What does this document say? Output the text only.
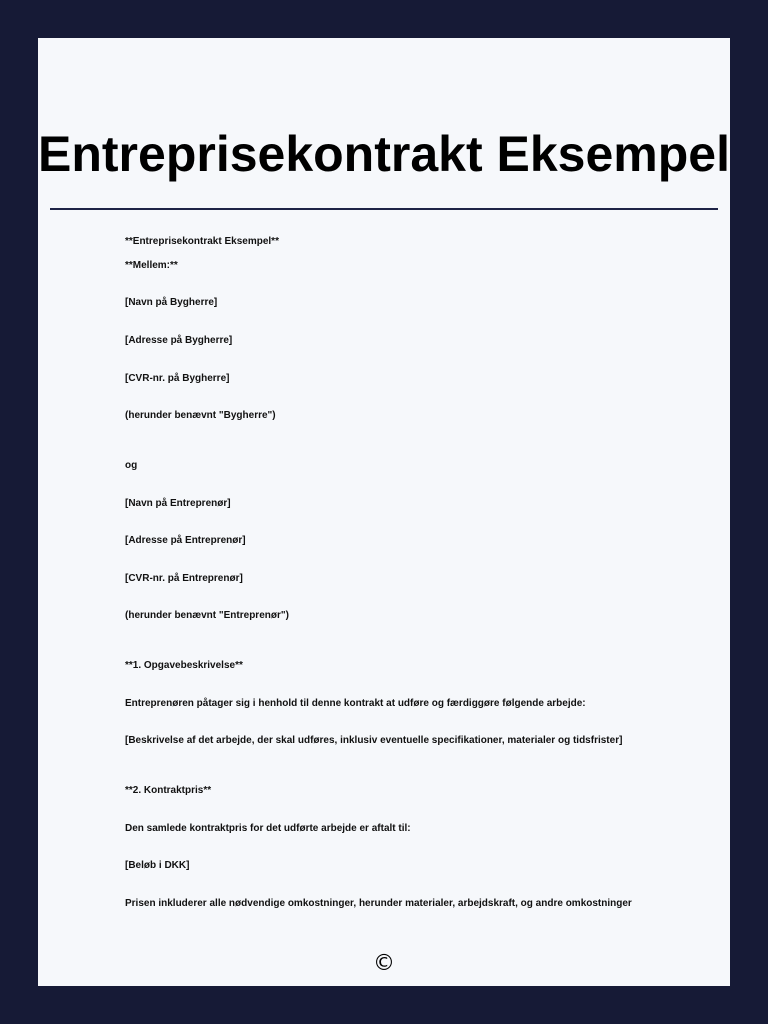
Entreprisekontrakt Eksempel

**Entreprisekontrakt Eksempel**

**Mellem:**

[Navn på Bygherre]

[Adresse på Bygherre]

[CVR-nr. på Bygherre]

(herunder benævnt "Bygherre")

og

[Navn på Entreprenør]

[Adresse på Entreprenør]

[CVR-nr. på Entreprenør]

(herunder benævnt "Entreprenør")

**1. Opgavebeskrivelse**

Entreprenøren påtager sig i henhold til denne kontrakt at udføre og færdiggøre følgende arbejde:

[Beskrivelse af det arbejde, der skal udføres, inklusiv eventuelle specifikationer, materialer og tidsfrister]

**2. Kontraktpris**

Den samlede kontraktpris for det udførte arbejde er aftalt til:

[Beløb i DKK]

Prisen inkluderer alle nødvendige omkostninger, herunder materialer, arbejdskraft, og andre omkostninger

©
